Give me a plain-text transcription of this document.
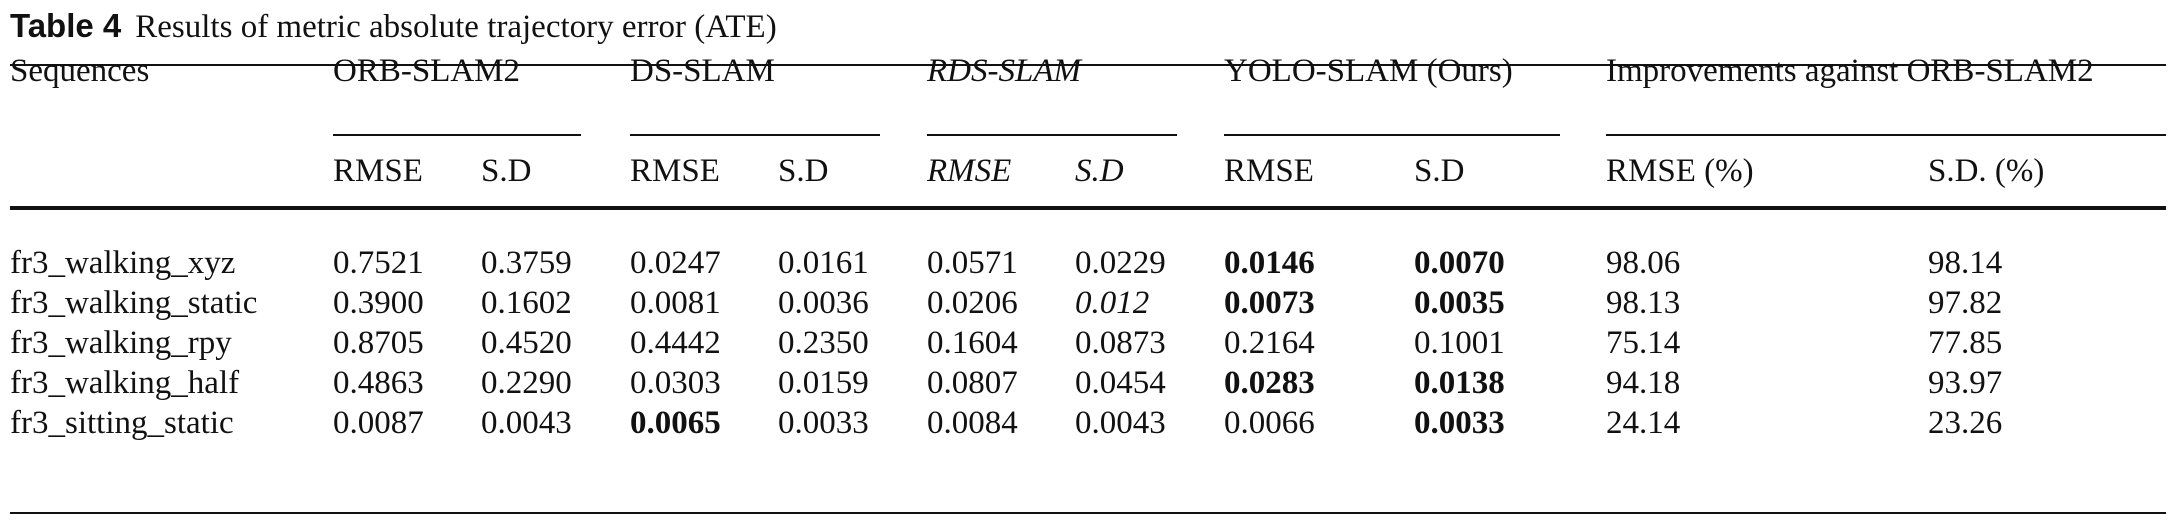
Table 4 Results of metric absolute trajectory error (ATE)
Sequences	ORB-SLAM2	DS-SLAM	RDS-SLAM	YOLO-SLAM (Ours)	Improvements against ORB-SLAM2
RMSE S.D	RMSE S.D	RMSE S.D	RMSE	S.D	RMSE (%)	S.D. (%)
fr3_walking_xyz	0.7521 0.3759 0.0247 0.0161 0.0571 0.0229 0.0146	0.0070	98.06	98.14
fr3_walking_static 0.3900 0.1602 0.0081 0.0036 0.0206 0.012 0.0073	0.0035	98.13	97.82
fr3_walking_rpy	0.8705 0.4520 0.4442 0.2350 0.1604 0.0873 0.2164	0.1001	75.14	77.85
fr3_walking_half	0.4863 0.2290 0.0303 0.0159 0.0807 0.0454 0.0283	0.0138	94.18	93.97
fr3_sitting_static	0.0087 0.0043 0.0065 0.0033 0.0084 0.0043 0.0066	0.0033	24.14	23.26
